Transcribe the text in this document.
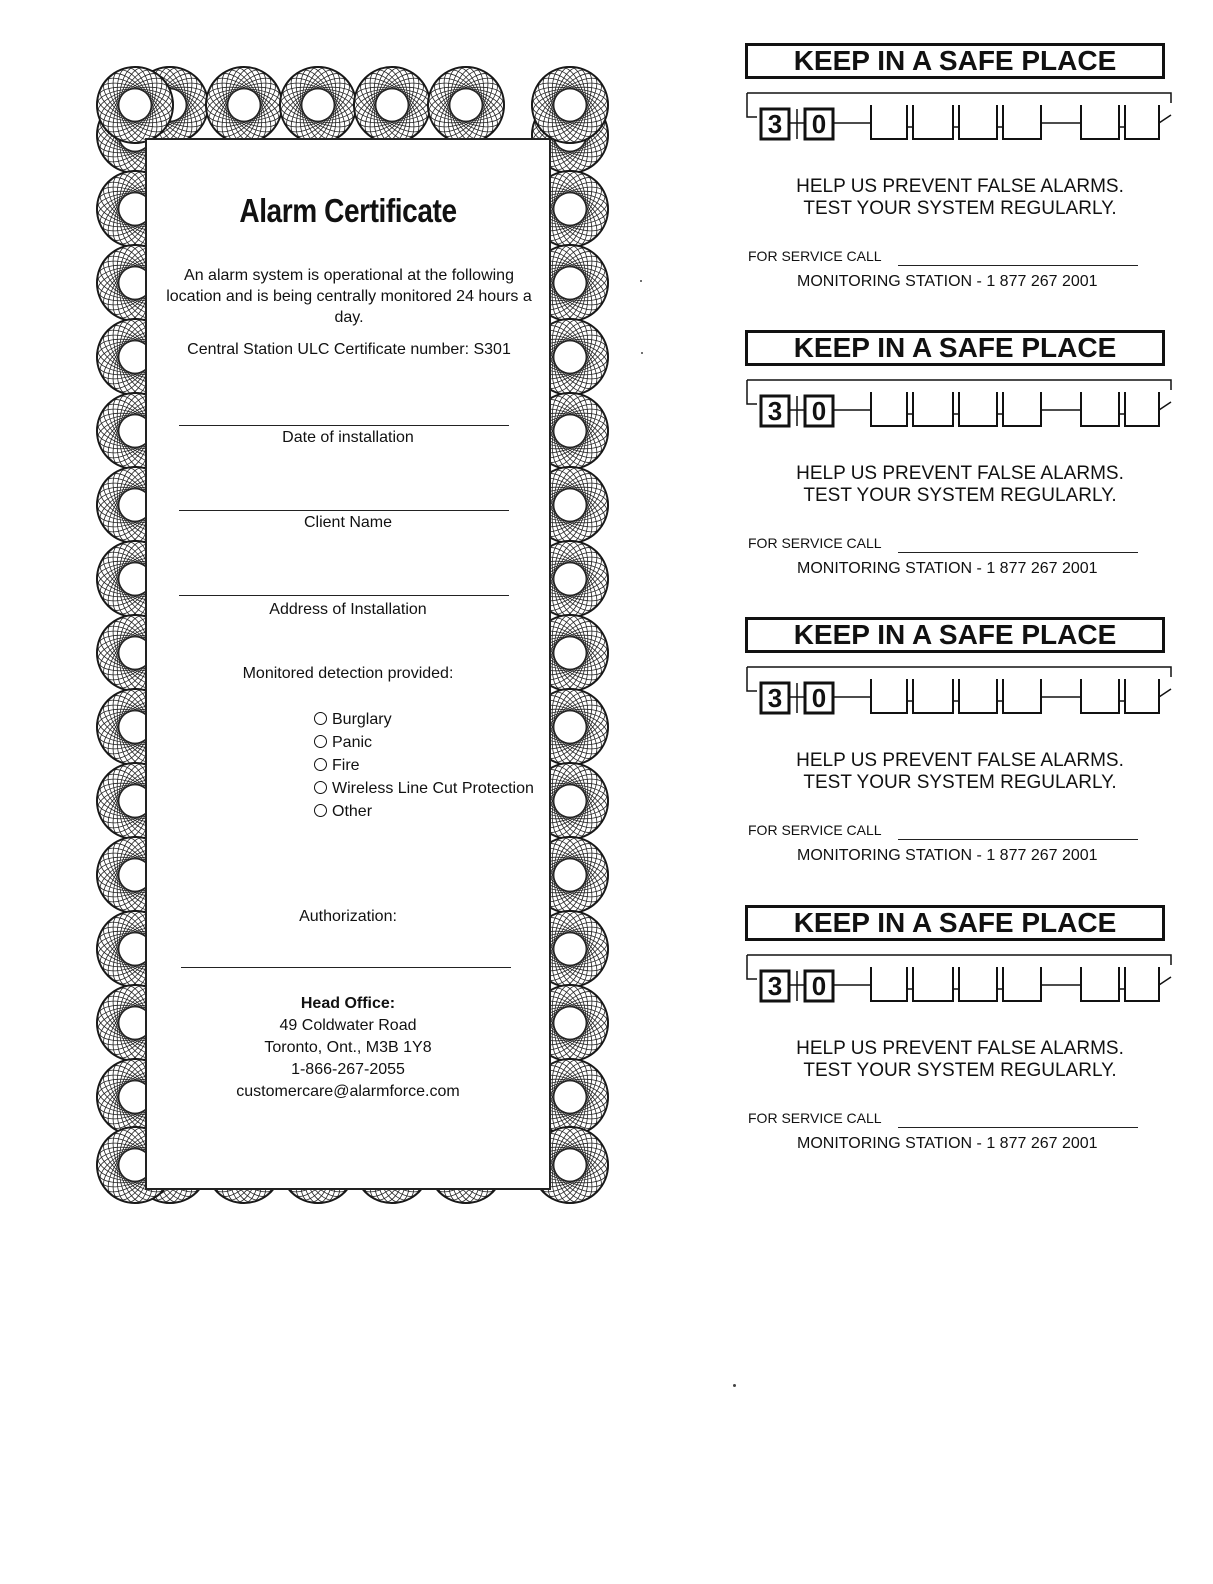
Alarm Certificate
An alarm system is operational at the following location and is being centrally monitored 24 hours a day.
Central Station ULC Certificate number: S301
Date of installation
Client Name
Address of Installation
Monitored detection provided:
Burglary
Panic
Fire
Wireless Line Cut Protection
Other
Authorization:
Head Office:
49 Coldwater Road
Toronto, Ont., M3B 1Y8
1-866-267-2055
customercare@alarmforce.com
KEEP IN A SAFE PLACE
3 0
HELP US PREVENT FALSE ALARMS.
TEST YOUR SYSTEM REGULARLY.
FOR SERVICE CALL
MONITORING STATION - 1 877 267 2001
KEEP IN A SAFE PLACE
3 0
HELP US PREVENT FALSE ALARMS.
TEST YOUR SYSTEM REGULARLY.
FOR SERVICE CALL
MONITORING STATION - 1 877 267 2001
KEEP IN A SAFE PLACE
3 0
HELP US PREVENT FALSE ALARMS.
TEST YOUR SYSTEM REGULARLY.
FOR SERVICE CALL
MONITORING STATION - 1 877 267 2001
KEEP IN A SAFE PLACE
3 0
HELP US PREVENT FALSE ALARMS.
TEST YOUR SYSTEM REGULARLY.
FOR SERVICE CALL
MONITORING STATION - 1 877 267 2001
